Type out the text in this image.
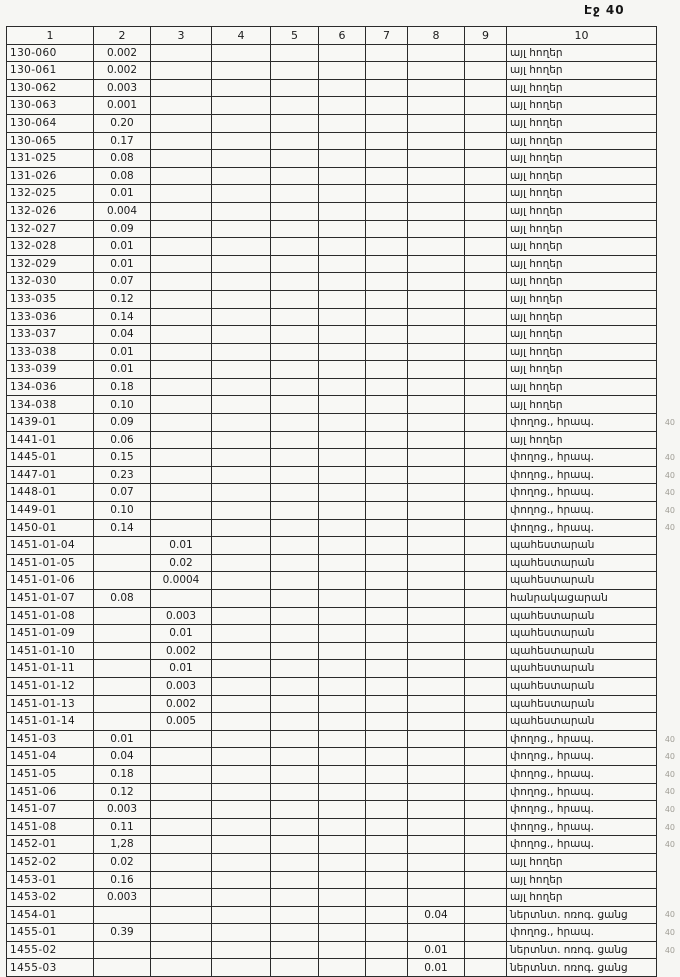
Էջ 40
1	2	3	4	5	6	7	8	9	10	
130-060	0.002								այլ հողեր	
130-061	0.002								այլ հողեր	
130-062	0.003								այլ հողեր	
130-063	0.001								այլ հողեր	
130-064	0.20								այլ հողեր	
130-065	0.17								այլ հողեր	
131-025	0.08								այլ հողեր	
131-026	0.08								այլ հողեր	
132-025	0.01								այլ հողեր	
132-026	0.004								այլ հողեր	
132-027	0.09								այլ հողեր	
132-028	0.01								այլ հողեր	
132-029	0.01								այլ հողեր	
132-030	0.07								այլ հողեր	
133-035	0.12								այլ հողեր	
133-036	0.14								այլ հողեր	
133-037	0.04								այլ հողեր	
133-038	0.01								այլ հողեր	
133-039	0.01								այլ հողեր	
134-036	0.18								այլ հողեր	
134-038	0.10								այլ հողեր	
1439-01	0.09								փողոց., հրապ.	40
1441-01	0.06								այլ հողեր	
1445-01	0.15								փողոց., հրապ.	40
1447-01	0.23								փողոց., հրապ.	40
1448-01	0.07								փողոց., հրապ.	40
1449-01	0.10								փողոց., հրապ.	40
1450-01	0.14								փողոց., հրապ.	40
1451-01-04		0.01							պահեստարան	
1451-01-05		0.02							պահեստարան	
1451-01-06		0.0004							պահեստարան	
1451-01-07	0.08								հանրակացարան	
1451-01-08		0.003							պահեստարան	
1451-01-09		0.01							պահեստարան	
1451-01-10		0.002							պահեստարան	
1451-01-11		0.01							պահեստարան	
1451-01-12		0.003							պահեստարան	
1451-01-13		0.002							պահեստարան	
1451-01-14		0.005							պահեստարան	
1451-03	0.01								փողոց., հրապ.	40
1451-04	0.04								փողոց., հրապ.	40
1451-05	0.18								փողոց., հրապ.	40
1451-06	0.12								փողոց., հրապ.	40
1451-07	0.003								փողոց., հրապ.	40
1451-08	0.11								փողոց., հրապ.	40
1452-01	1,28								փողոց., հրապ.	40
1452-02	0.02								այլ հողեր	
1453-01	0.16								այլ հողեր	
1453-02	0.003								այլ հողեր	
1454-01							0.04		ներտնտ. ոռոգ. ցանց	40
1455-01	0.39								փողոց., հրապ.	40
1455-02							0.01		ներտնտ. ոռոգ. ցանց	40
1455-03							0.01		ներտնտ. ոռոգ. ցանց	
